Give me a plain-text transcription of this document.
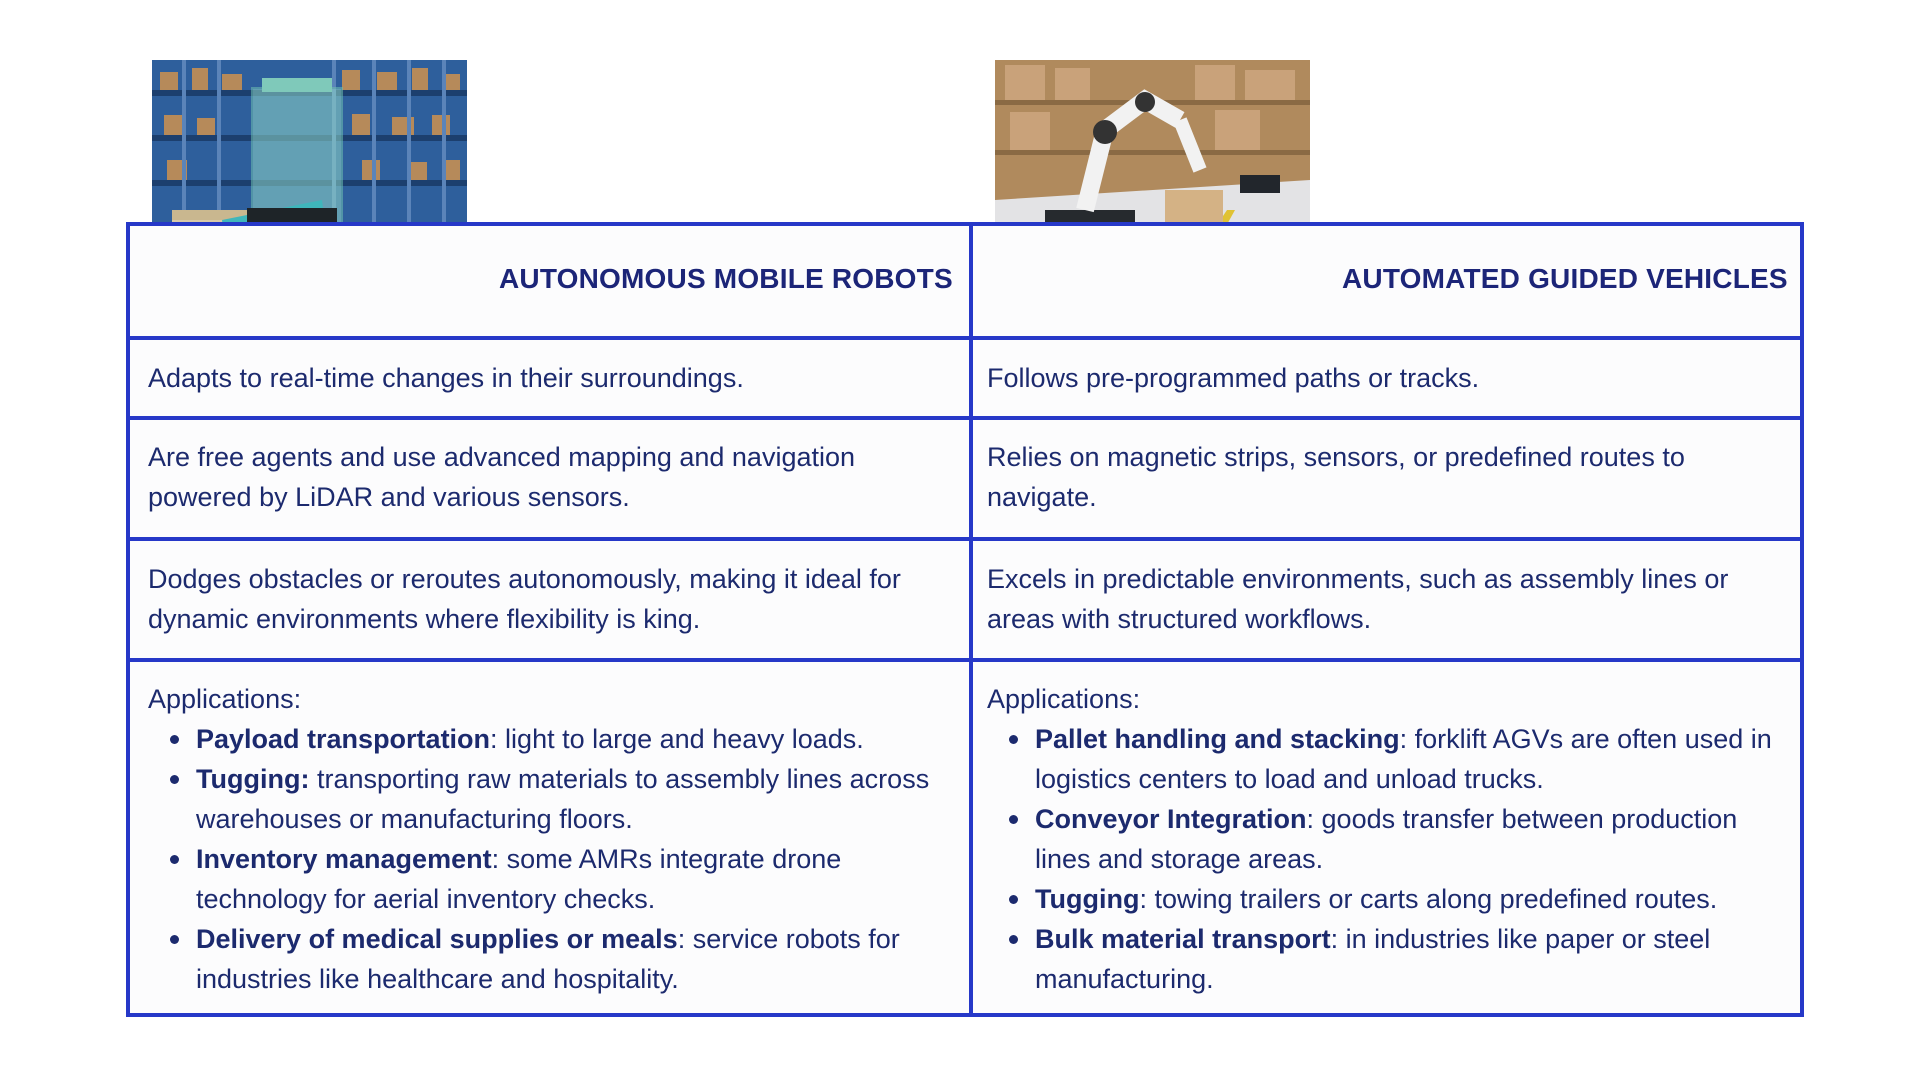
AUTONOMOUS MOBILE ROBOTS	AUTOMATED GUIDED VEHICLES
Adapts to real-time changes in their surroundings.
Are free agents and use advanced mapping and navigation powered by LiDAR and various sensors.
Dodges obstacles or reroutes autonomously, making it ideal for dynamic environments where flexibility is king.
Follows pre-programmed paths or tracks.
Relies on magnetic strips, sensors, or predefined routes to navigate.
Excels in predictable environments, such as assembly lines or areas with structured workflows.
Applications:
Payload transportation: light to large and heavy loads.
Tugging: transporting raw materials to assembly lines across warehouses or manufacturing floors.
Inventory management: some AMRs integrate drone technology for aerial inventory checks.
Delivery of medical supplies or meals: service robots for industries like healthcare and hospitality.
Applications:
Pallet handling and stacking: forklift AGVs are often used in logistics centers to load and unload trucks.
Conveyor Integration: goods transfer between production lines and storage areas.
Tugging: towing trailers or carts along predefined routes.
Bulk material transport: in industries like paper or steel manufacturing.
